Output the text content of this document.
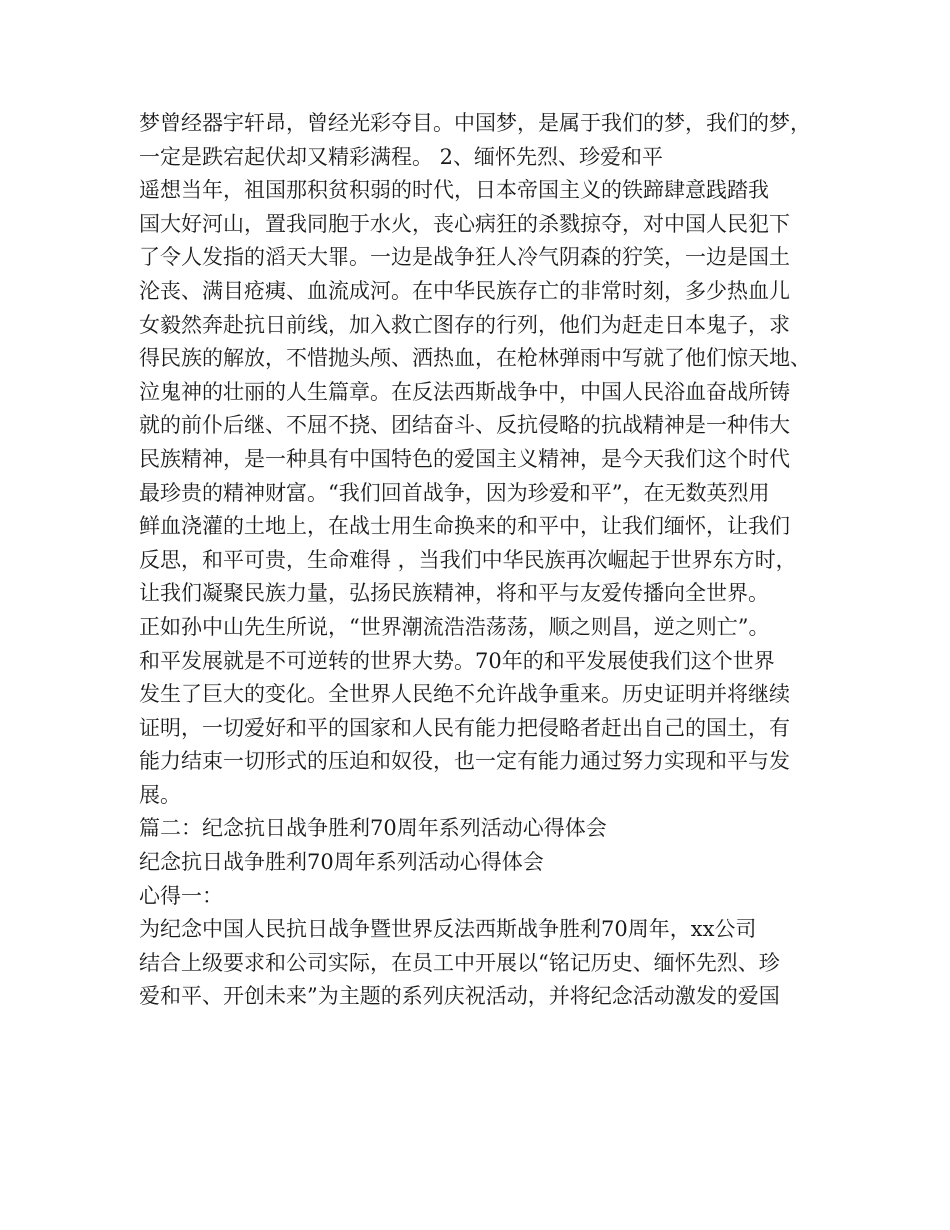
梦曾经器宇轩昂，曾经光彩夺目。中国梦，是属于我们的梦，我们的梦，
一定是跌宕起伏却又精彩满程。 2、缅怀先烈、珍爱和平
遥想当年，祖国那积贫积弱的时代，日本帝国主义的铁蹄肆意践踏我
国大好河山，置我同胞于水火，丧心病狂的杀戮掠夺，对中国人民犯下
了令人发指的滔天大罪。一边是战争狂人冷气阴森的狞笑，一边是国土
沦丧、满目疮痍、血流成河。在中华民族存亡的非常时刻，多少热血儿
女毅然奔赴抗日前线，加入救亡图存的行列，他们为赶走日本鬼子，求
得民族的解放，不惜抛头颅、洒热血，在枪林弹雨中写就了他们惊天地、
泣鬼神的壮丽的人生篇章。在反法西斯战争中，中国人民浴血奋战所铸
就的前仆后继、不屈不挠、团结奋斗、反抗侵略的抗战精神是一种伟大
民族精神，是一种具有中国特色的爱国主义精神，是今天我们这个时代
最珍贵的精神财富。“我们回首战争，因为珍爱和平”，在无数英烈用
鲜血浇灌的土地上，在战士用生命换来的和平中，让我们缅怀，让我们
反思，和平可贵，生命难得 ，当我们中华民族再次崛起于世界东方时，
让我们凝聚民族力量，弘扬民族精神，将和平与友爱传播向全世界。
正如孙中山先生所说，“世界潮流浩浩荡荡，顺之则昌，逆之则亡”。
和平发展就是不可逆转的世界大势。70年的和平发展使我们这个世界
发生了巨大的变化。全世界人民绝不允许战争重来。历史证明并将继续
证明，一切爱好和平的国家和人民有能力把侵略者赶出自己的国土，有
能力结束一切形式的压迫和奴役，也一定有能力通过努力实现和平与发
展。
篇二：纪念抗日战争胜利70周年系列活动心得体会
纪念抗日战争胜利70周年系列活动心得体会
心得一：
为纪念中国人民抗日战争暨世界反法西斯战争胜利70周年，xx公司
结合上级要求和公司实际，在员工中开展以“铭记历史、缅怀先烈、珍
爱和平、开创未来”为主题的系列庆祝活动，并将纪念活动激发的爱国
